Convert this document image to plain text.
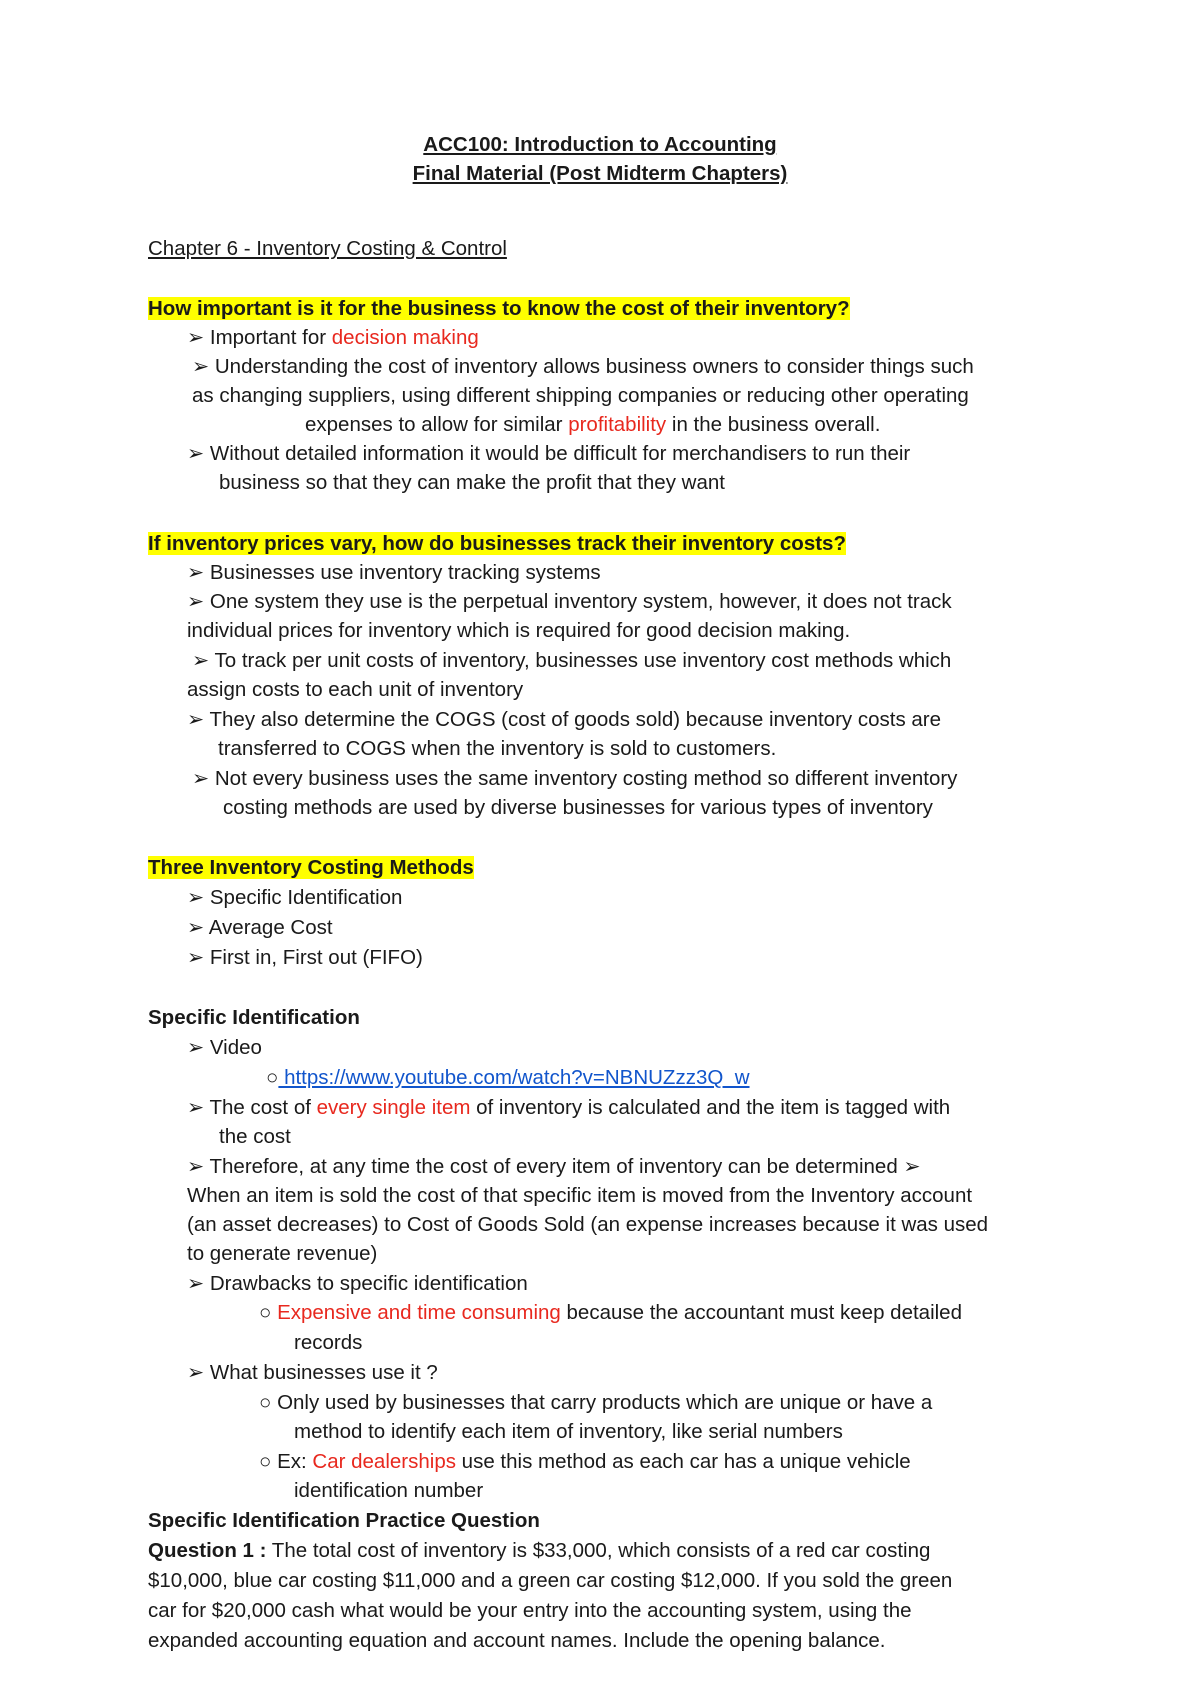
ACC100: Introduction to Accounting
Final Material (Post Midterm Chapters)
Chapter 6 - Inventory Costing & Control
How important is it for the business to know the cost of their inventory?
➢ Important for decision making
➢ Understanding the cost of inventory allows business owners to consider things such
as changing suppliers, using different shipping companies or reducing other operating
expenses to allow for similar profitability in the business overall.
➢ Without detailed information it would be difficult for merchandisers to run their
business so that they can make the profit that they want
If inventory prices vary, how do businesses track their inventory costs?
➢ Businesses use inventory tracking systems
➢ One system they use is the perpetual inventory system, however, it does not track
individual prices for inventory which is required for good decision making.
➢ To track per unit costs of inventory, businesses use inventory cost methods which
assign costs to each unit of inventory
➢ They also determine the COGS (cost of goods sold) because inventory costs are
transferred to COGS when the inventory is sold to customers.
➢ Not every business uses the same inventory costing method so different inventory
costing methods are used by diverse businesses for various types of inventory
Three Inventory Costing Methods
➢ Specific Identification
➢ Average Cost
➢ First in, First out (FIFO)
Specific Identification
➢ Video
○ https://www.youtube.com/watch?v=NBNUZzz3Q_w
➢ The cost of every single item of inventory is calculated and the item is tagged with
the cost
➢ Therefore, at any time the cost of every item of inventory can be determined ➢
When an item is sold the cost of that specific item is moved from the Inventory account
(an asset decreases) to Cost of Goods Sold (an expense increases because it was used
to generate revenue)
➢ Drawbacks to specific identification
○ Expensive and time consuming because the accountant must keep detailed
records
➢ What businesses use it ?
○ Only used by businesses that carry products which are unique or have a
method to identify each item of inventory, like serial numbers
○ Ex: Car dealerships use this method as each car has a unique vehicle
identification number
Specific Identification Practice Question
Question 1 : The total cost of inventory is $33,000, which consists of a red car costing
$10,000, blue car costing $11,000 and a green car costing $12,000. If you sold the green
car for $20,000 cash what would be your entry into the accounting system, using the
expanded accounting equation and account names. Include the opening balance.
